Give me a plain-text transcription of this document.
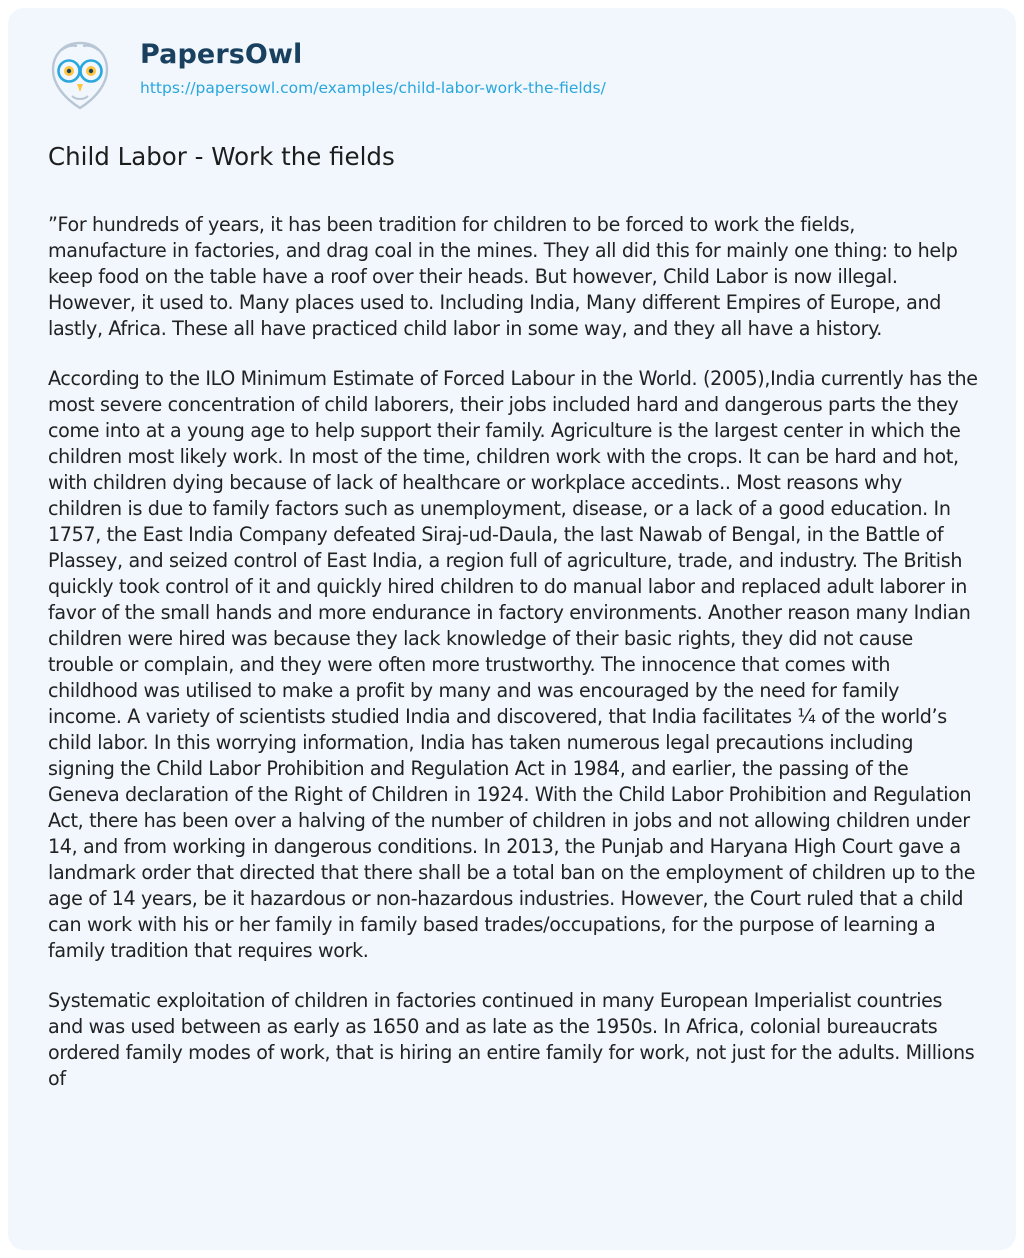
PapersOwl
https://papersowl.com/examples/child-labor-work-the-fields/
Child Labor - Work the fields

”For hundreds of years, it has been tradition for children to be forced to work the fields, manufacture in factories, and drag coal in the mines. They all did this for mainly one thing: to help keep food on the table have a roof over their heads. But however, Child Labor is now illegal. However, it used to. Many places used to. Including India, Many different Empires of Europe, and lastly, Africa. These all have practiced child labor in some way, and they all have a history.

According to the ILO Minimum Estimate of Forced Labour in the World. (2005),India currently has the most severe concentration of child laborers, their jobs included hard and dangerous parts the they come into at a young age to help support their family. Agriculture is the largest center in which the children most likely work. In most of the time, children work with the crops. It can be hard and hot, with children dying because of lack of healthcare or workplace accedints.. Most reasons why children is due to family factors such as unemployment, disease, or a lack of a good education. In 1757, the East India Company defeated Siraj-ud-Daula, the last Nawab of Bengal, in the Battle of Plassey, and seized control of East India, a region full of agriculture, trade, and industry. The British quickly took control of it and quickly hired children to do manual labor and replaced adult laborer in favor of the small hands and more endurance in factory environments. Another reason many Indian children were hired was because they lack knowledge of their basic rights, they did not cause trouble or complain, and they were often more trustworthy. The innocence that comes with childhood was utilised to make a profit by many and was encouraged by the need for family income. A variety of scientists studied India and discovered, that India facilitates ¼ of the world’s child labor. In this worrying information, India has taken numerous legal precautions including signing the Child Labor Prohibition and Regulation Act in 1984, and earlier, the passing of the Geneva declaration of the Right of Children in 1924. With the Child Labor Prohibition and Regulation Act, there has been over a halving of the number of children in jobs and not allowing children under 14, and from working in dangerous conditions. In 2013, the Punjab and Haryana High Court gave a landmark order that directed that there shall be a total ban on the employment of children up to the age of 14 years, be it hazardous or non-hazardous industries. However, the Court ruled that a child can work with his or her family in family based trades/occupations, for the purpose of learning a family tradition that requires work.

Systematic exploitation of children in factories continued in many European Imperialist countries and was used between as early as 1650 and as late as the 1950s. In Africa, colonial bureaucrats ordered family modes of work, that is hiring an entire family for work, not just for the adults. Millions of
